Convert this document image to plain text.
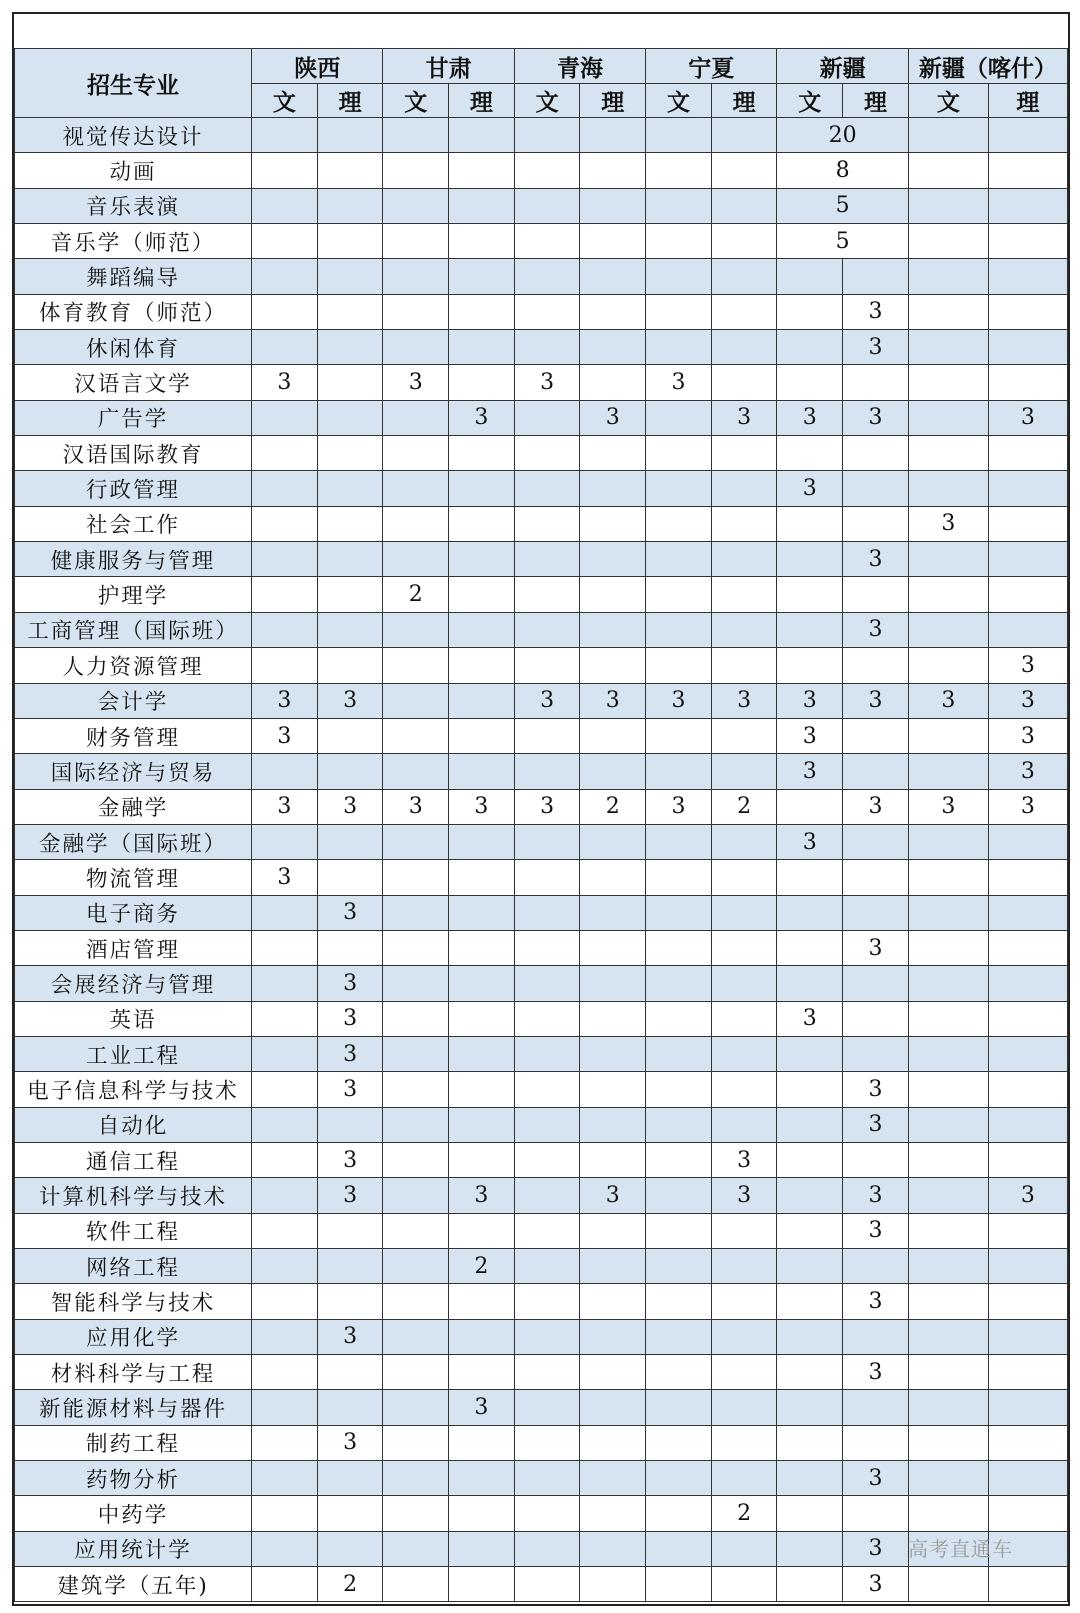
招生专业	陕西		甘肃		青海		宁夏		新疆		新疆（喀什）	
	文	理	文	理	文	理	文	理	文	理	文	理
视觉传达设计									20			
动画									8			
音乐表演									5			
音乐学（师范）									5			
舞蹈编导												
体育教育（师范）										3		
休闲体育										3		
汉语言文学	3		3		3		3					
广告学				3		3		3	3	3		3
汉语国际教育												
行政管理									3			
社会工作											3	
健康服务与管理										3		
护理学			2									
工商管理（国际班）										3		
人力资源管理												3
会计学	3	3			3	3	3	3	3	3	3	3
财务管理	3								3			3
国际经济与贸易									3			3
金融学	3	3	3	3	3	2	3	2		3	3	3
金融学（国际班）									3			
物流管理	3											
电子商务		3										
酒店管理										3		
会展经济与管理		3										
英语		3							3			
工业工程		3										
电子信息科学与技术		3								3		
自动化										3		
通信工程		3						3				
计算机科学与技术		3		3		3		3		3		3
软件工程										3		
网络工程				2								
智能科学与技术										3		
应用化学		3										
材料科学与工程										3		
新能源材料与器件				3								
制药工程		3										
药物分析										3		
中药学								2				
应用统计学										3		
建筑学（五年)		2								3		
高考直通车
